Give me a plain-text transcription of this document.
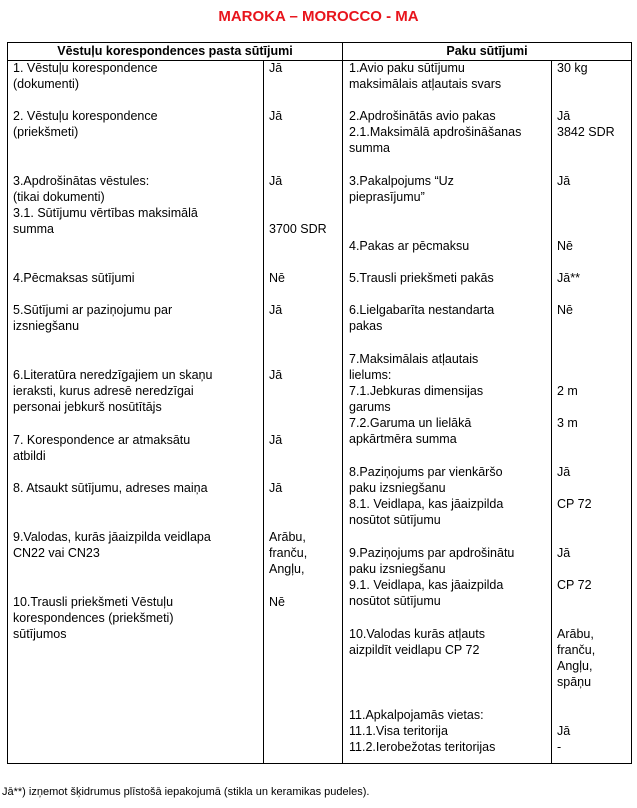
MAROKA – MOROCCO - MA
Vēstuļu korespondences pasta sūtījumi	Paku sūtījumi
1. Vēstuļu korespondence
(dokumenti)
2. Vēstuļu korespondence
(priekšmeti)
3.Apdrošinātas vēstules:
(tikai dokumenti)
3.1. Sūtījumu vērtības maksimālā
summa
4.Pēcmaksas sūtījumi
5.Sūtījumi ar paziņojumu par
izsniegšanu
6.Literatūra neredzīgajiem un skaņu
ieraksti, kurus adresē neredzīgai
personai jebkurš nosūtītājs
7. Korespondence ar atmaksātu
atbildi
8. Atsaukt sūtījumu, adreses maiņa
9.Valodas, kurās jāaizpilda veidlapa
CN22 vai CN23
10.Trausli priekšmeti Vēstuļu
korespondences (priekšmeti)
sūtījumos
Jā
Jā
Jā

3700 SDR
Nē
Jā
Jā
Jā
Jā
Arābu,
franču,
Angļu,
Nē
1.Avio paku sūtījumu
maksimālais atļautais svars
2.Apdrošinātās avio pakas
2.1.Maksimālā apdrošināšanas
summa
3.Pakalpojums “Uz
pieprasījumu”
4.Pakas ar pēcmaksu
5.Trausli priekšmeti pakās
6.Lielgabarīta nestandarta
pakas
7.Maksimālais atļautais
lielums:
7.1.Jebkuras dimensijas
garums
7.2.Garuma un lielākā
apkārtmēra summa
8.Paziņojums par vienkāršo
paku izsniegšanu
8.1. Veidlapa, kas jāaizpilda
nosūtot sūtījumu
9.Paziņojums par apdrošinātu
paku izsniegšanu
9.1. Veidlapa, kas jāaizpilda
nosūtot sūtījumu
10.Valodas kurās atļauts
aizpildīt veidlapu CP 72
11.Apkalpojamās vietas:
11.1.Visa teritorija
11.2.Ierobežotas teritorijas
30 kg
Jā
3842 SDR
Jā
Nē
Jā**
Nē

2 m

3 m
Jā

CP 72
Jā

CP 72
Arābu,
franču,
Angļu,
spāņu

Jā
-
Jā**) izņemot šķidrumus plīstošā iepakojumā (stikla un keramikas pudeles).
